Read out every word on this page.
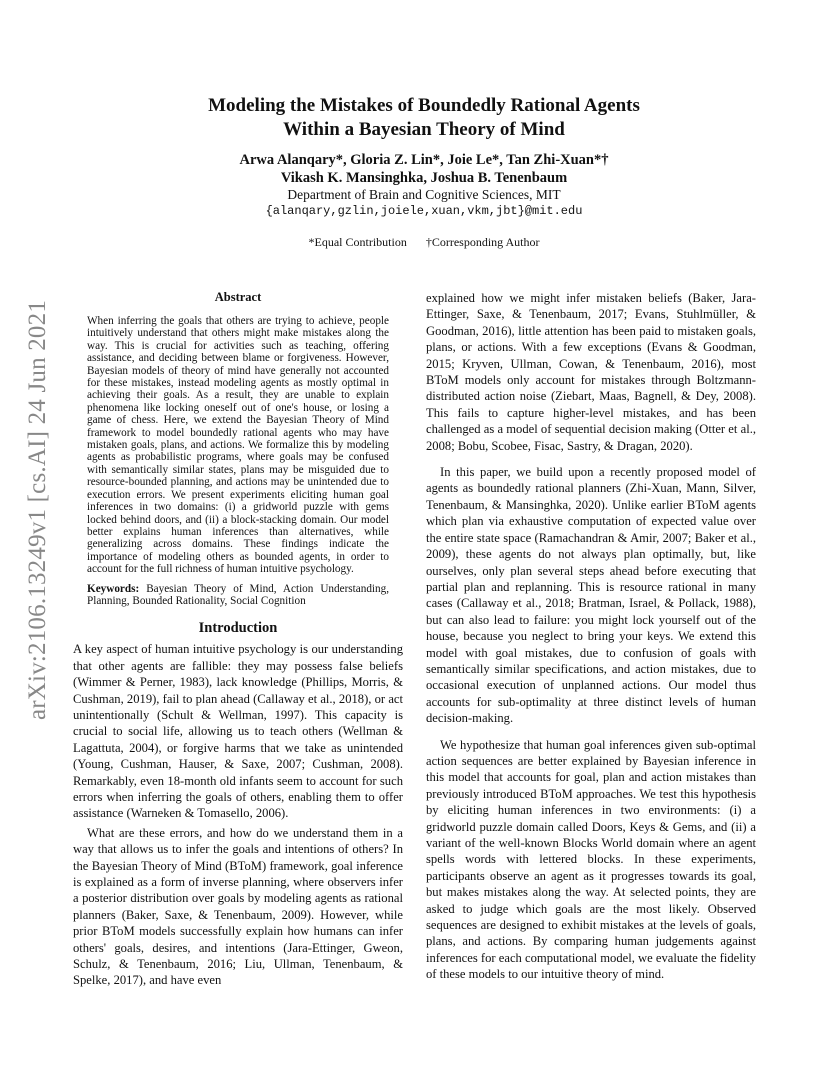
arXiv:2106.13249v1 [cs.AI] 24 Jun 2021
Modeling the Mistakes of Boundedly Rational Agents
Within a Bayesian Theory of Mind
Arwa Alanqary*, Gloria Z. Lin*, Joie Le*, Tan Zhi-Xuan*†
Vikash K. Mansinghka, Joshua B. Tenenbaum
Department of Brain and Cognitive Sciences, MIT
{alanqary,gzlin,joiele,xuan,vkm,jbt}@mit.edu
*Equal Contribution †Corresponding Author
Abstract

When inferring the goals that others are trying to achieve, people intuitively understand that others might make mistakes along the way. This is crucial for activities such as teaching, offering assistance, and deciding between blame or forgiveness. However, Bayesian models of theory of mind have generally not accounted for these mistakes, instead modeling agents as mostly optimal in achieving their goals. As a result, they are unable to explain phenomena like locking oneself out of one's house, or losing a game of chess. Here, we extend the Bayesian Theory of Mind framework to model boundedly rational agents who may have mistaken goals, plans, and actions. We formalize this by modeling agents as probabilistic programs, where goals may be confused with semantically similar states, plans may be misguided due to resource-bounded planning, and actions may be unintended due to execution errors. We present experiments eliciting human goal inferences in two domains: (i) a gridworld puzzle with gems locked behind doors, and (ii) a block-stacking domain. Our model better explains human inferences than alternatives, while generalizing across domains. These findings indicate the importance of modeling others as bounded agents, in order to account for the full richness of human intuitive psychology.

Keywords: Bayesian Theory of Mind, Action Understanding, Planning, Bounded Rationality, Social Cognition

Introduction

A key aspect of human intuitive psychology is our understanding that other agents are fallible: they may possess false beliefs (Wimmer & Perner, 1983), lack knowledge (Phillips, Morris, & Cushman, 2019), fail to plan ahead (Callaway et al., 2018), or act unintentionally (Schult & Wellman, 1997). This capacity is crucial to social life, allowing us to teach others (Wellman & Lagattuta, 2004), or forgive harms that we take as unintended (Young, Cushman, Hauser, & Saxe, 2007; Cushman, 2008). Remarkably, even 18-month old infants seem to account for such errors when inferring the goals of others, enabling them to offer assistance (Warneken & Tomasello, 2006).

What are these errors, and how do we understand them in a way that allows us to infer the goals and intentions of others? In the Bayesian Theory of Mind (BToM) framework, goal inference is explained as a form of inverse planning, where observers infer a posterior distribution over goals by modeling agents as rational planners (Baker, Saxe, & Tenenbaum, 2009). However, while prior BToM models successfully explain how humans can infer others' goals, desires, and intentions (Jara-Ettinger, Gweon, Schulz, & Tenenbaum, 2016; Liu, Ullman, Tenenbaum, & Spelke, 2017), and have even

explained how we might infer mistaken beliefs (Baker, Jara-Ettinger, Saxe, & Tenenbaum, 2017; Evans, Stuhlmüller, & Goodman, 2016), little attention has been paid to mistaken goals, plans, or actions. With a few exceptions (Evans & Goodman, 2015; Kryven, Ullman, Cowan, & Tenenbaum, 2016), most BToM models only account for mistakes through Boltzmann-distributed action noise (Ziebart, Maas, Bagnell, & Dey, 2008). This fails to capture higher-level mistakes, and has been challenged as a model of sequential decision making (Otter et al., 2008; Bobu, Scobee, Fisac, Sastry, & Dragan, 2020).

In this paper, we build upon a recently proposed model of agents as boundedly rational planners (Zhi-Xuan, Mann, Silver, Tenenbaum, & Mansinghka, 2020). Unlike earlier BToM agents which plan via exhaustive computation of expected value over the entire state space (Ramachandran & Amir, 2007; Baker et al., 2009), these agents do not always plan optimally, but, like ourselves, only plan several steps ahead before executing that partial plan and replanning. This is resource rational in many cases (Callaway et al., 2018; Bratman, Israel, & Pollack, 1988), but can also lead to failure: you might lock yourself out of the house, because you neglect to bring your keys. We extend this model with goal mistakes, due to confusion of goals with semantically similar specifications, and action mistakes, due to occasional execution of unplanned actions. Our model thus accounts for sub-optimality at three distinct levels of human decision-making.

We hypothesize that human goal inferences given sub-optimal action sequences are better explained by Bayesian inference in this model that accounts for goal, plan and action mistakes than previously introduced BToM approaches. We test this hypothesis by eliciting human inferences in two environments: (i) a gridworld puzzle domain called Doors, Keys & Gems, and (ii) a variant of the well-known Blocks World domain where an agent spells words with lettered blocks. In these experiments, participants observe an agent as it progresses towards its goal, but makes mistakes along the way. At selected points, they are asked to judge which goals are the most likely. Observed sequences are designed to exhibit mistakes at the levels of goals, plans, and actions. By comparing human judgements against inferences for each computational model, we evaluate the fidelity of these models to our intuitive theory of mind.
